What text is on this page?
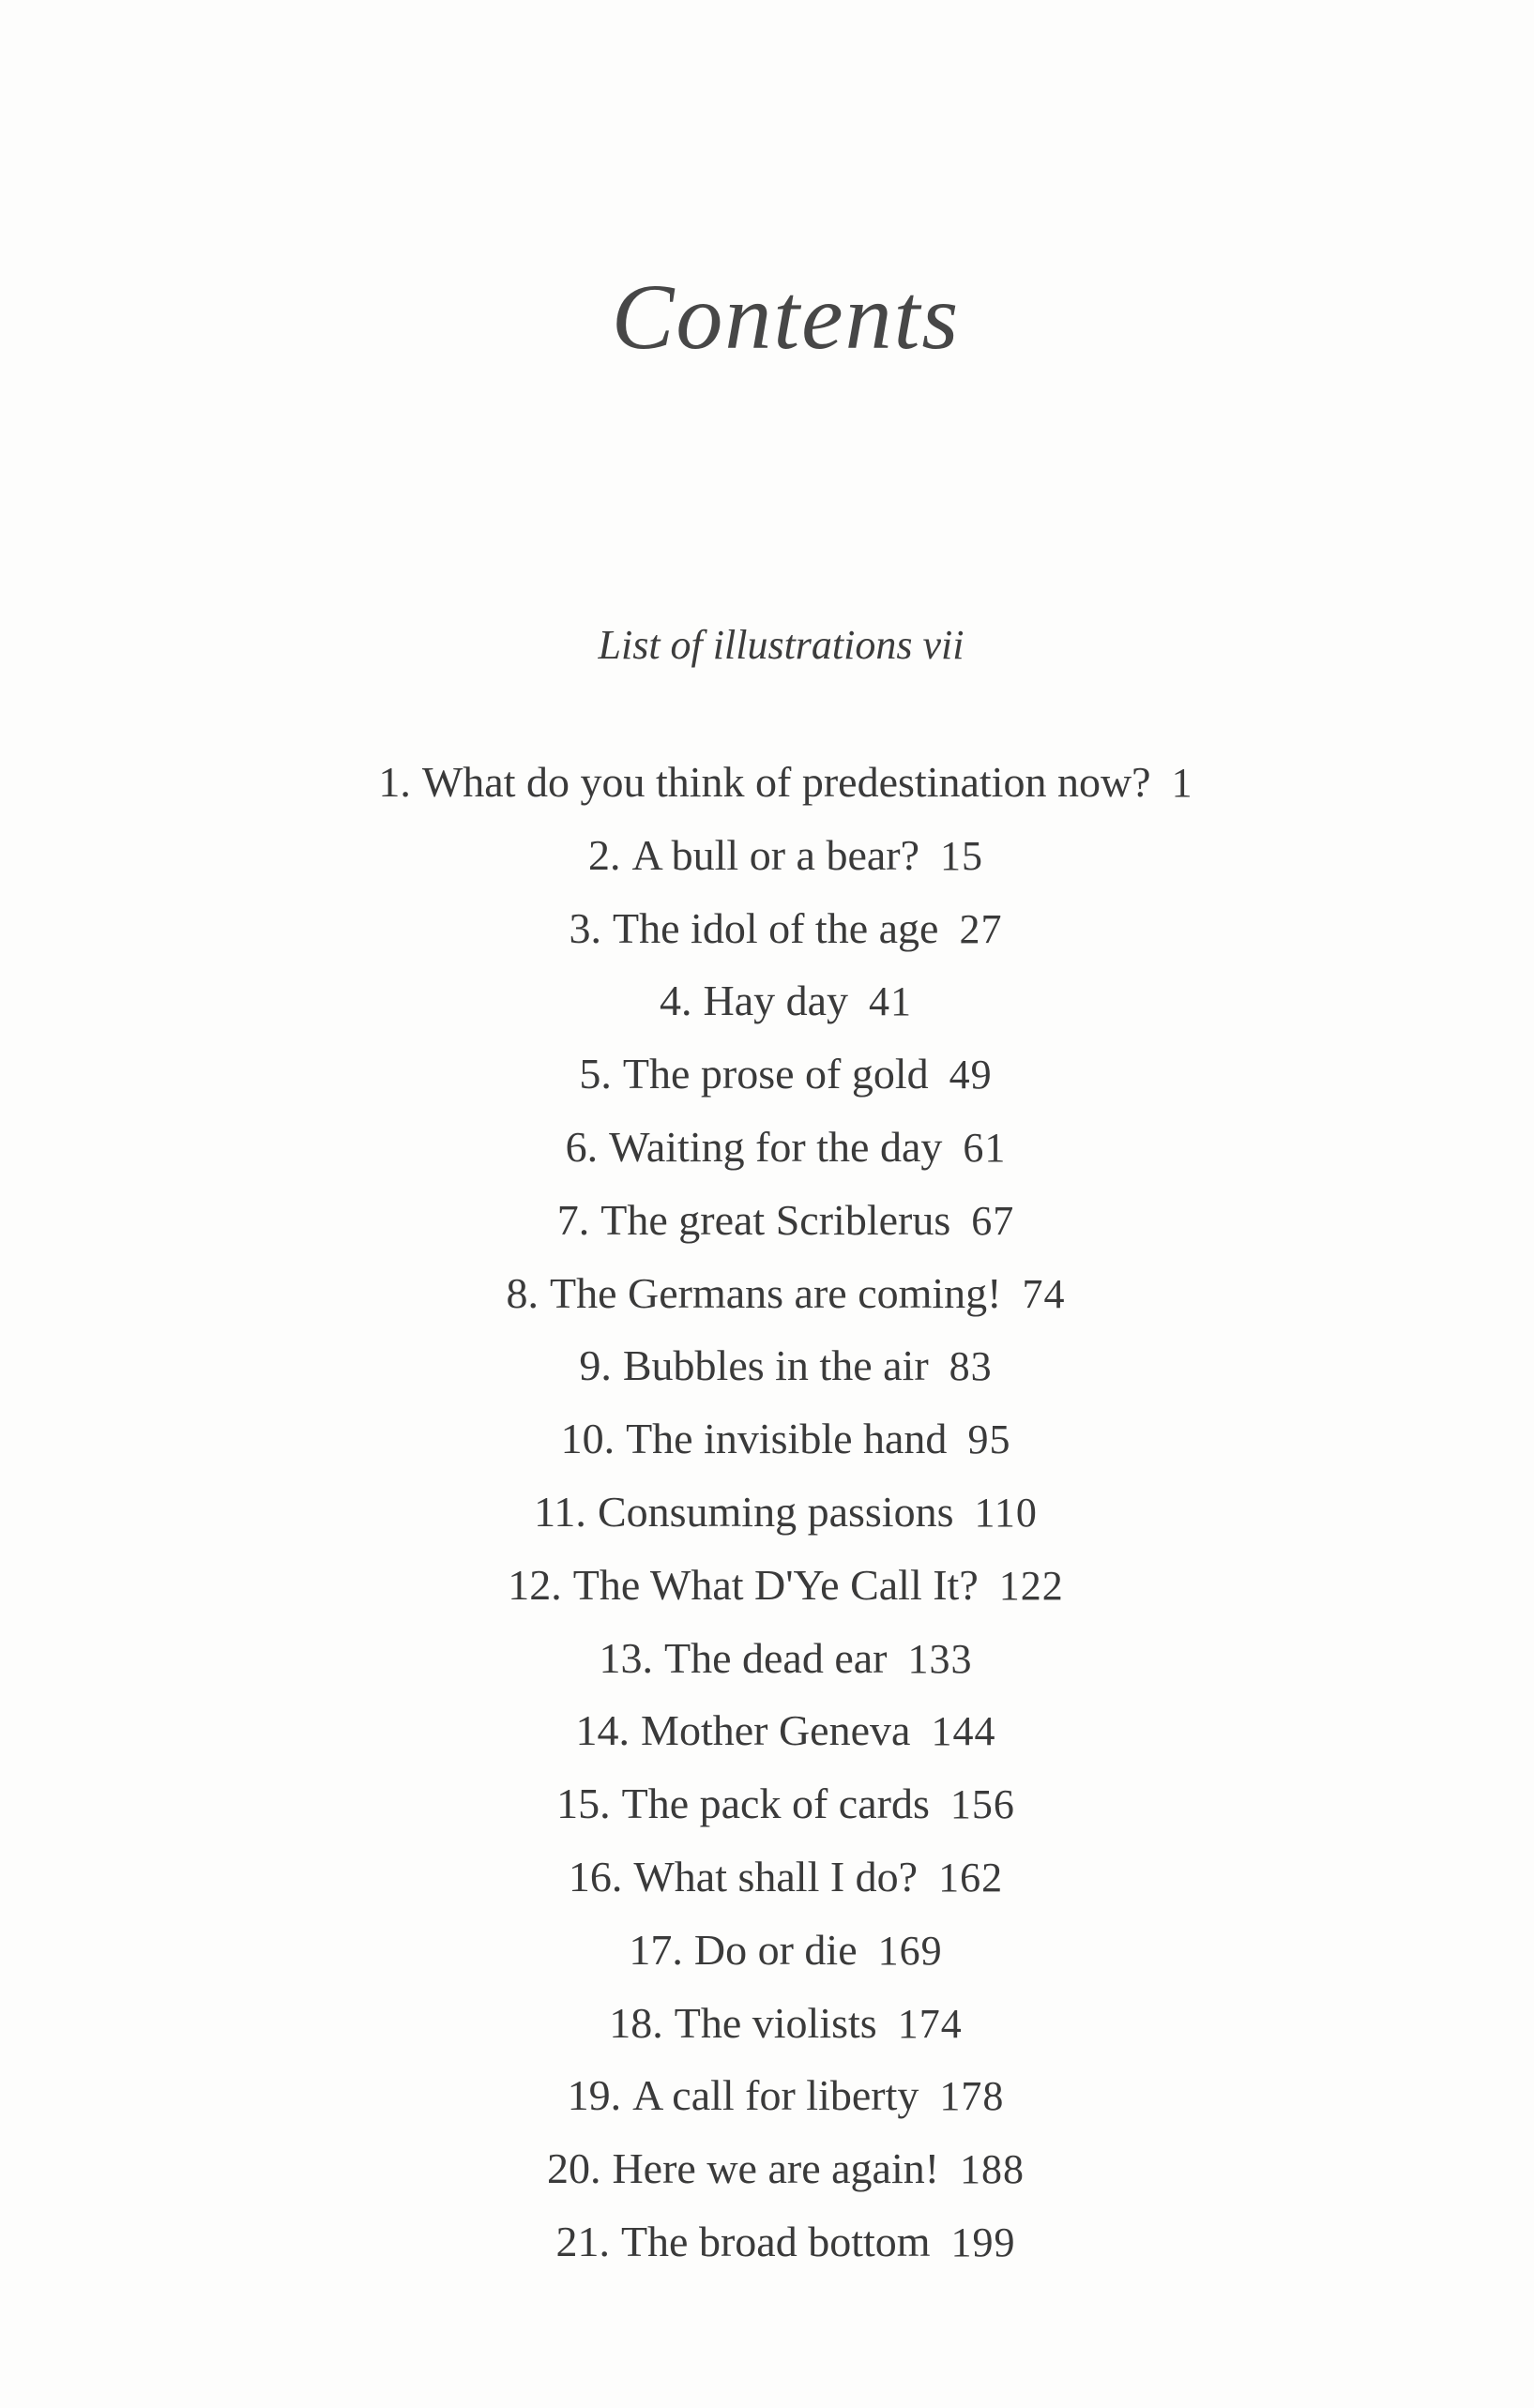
Contents
List of illustrations vii
1. What do you think of predestination now? 1
2. A bull or a bear? 15
3. The idol of the age 27
4. Hay day 41
5. The prose of gold 49
6. Waiting for the day 61
7. The great Scriblerus 67
8. The Germans are coming! 74
9. Bubbles in the air 83
10. The invisible hand 95
11. Consuming passions 110
12. The What D'Ye Call It? 122
13. The dead ear 133
14. Mother Geneva 144
15. The pack of cards 156
16. What shall I do? 162
17. Do or die 169
18. The violists 174
19. A call for liberty 178
20. Here we are again! 188
21. The broad bottom 199
